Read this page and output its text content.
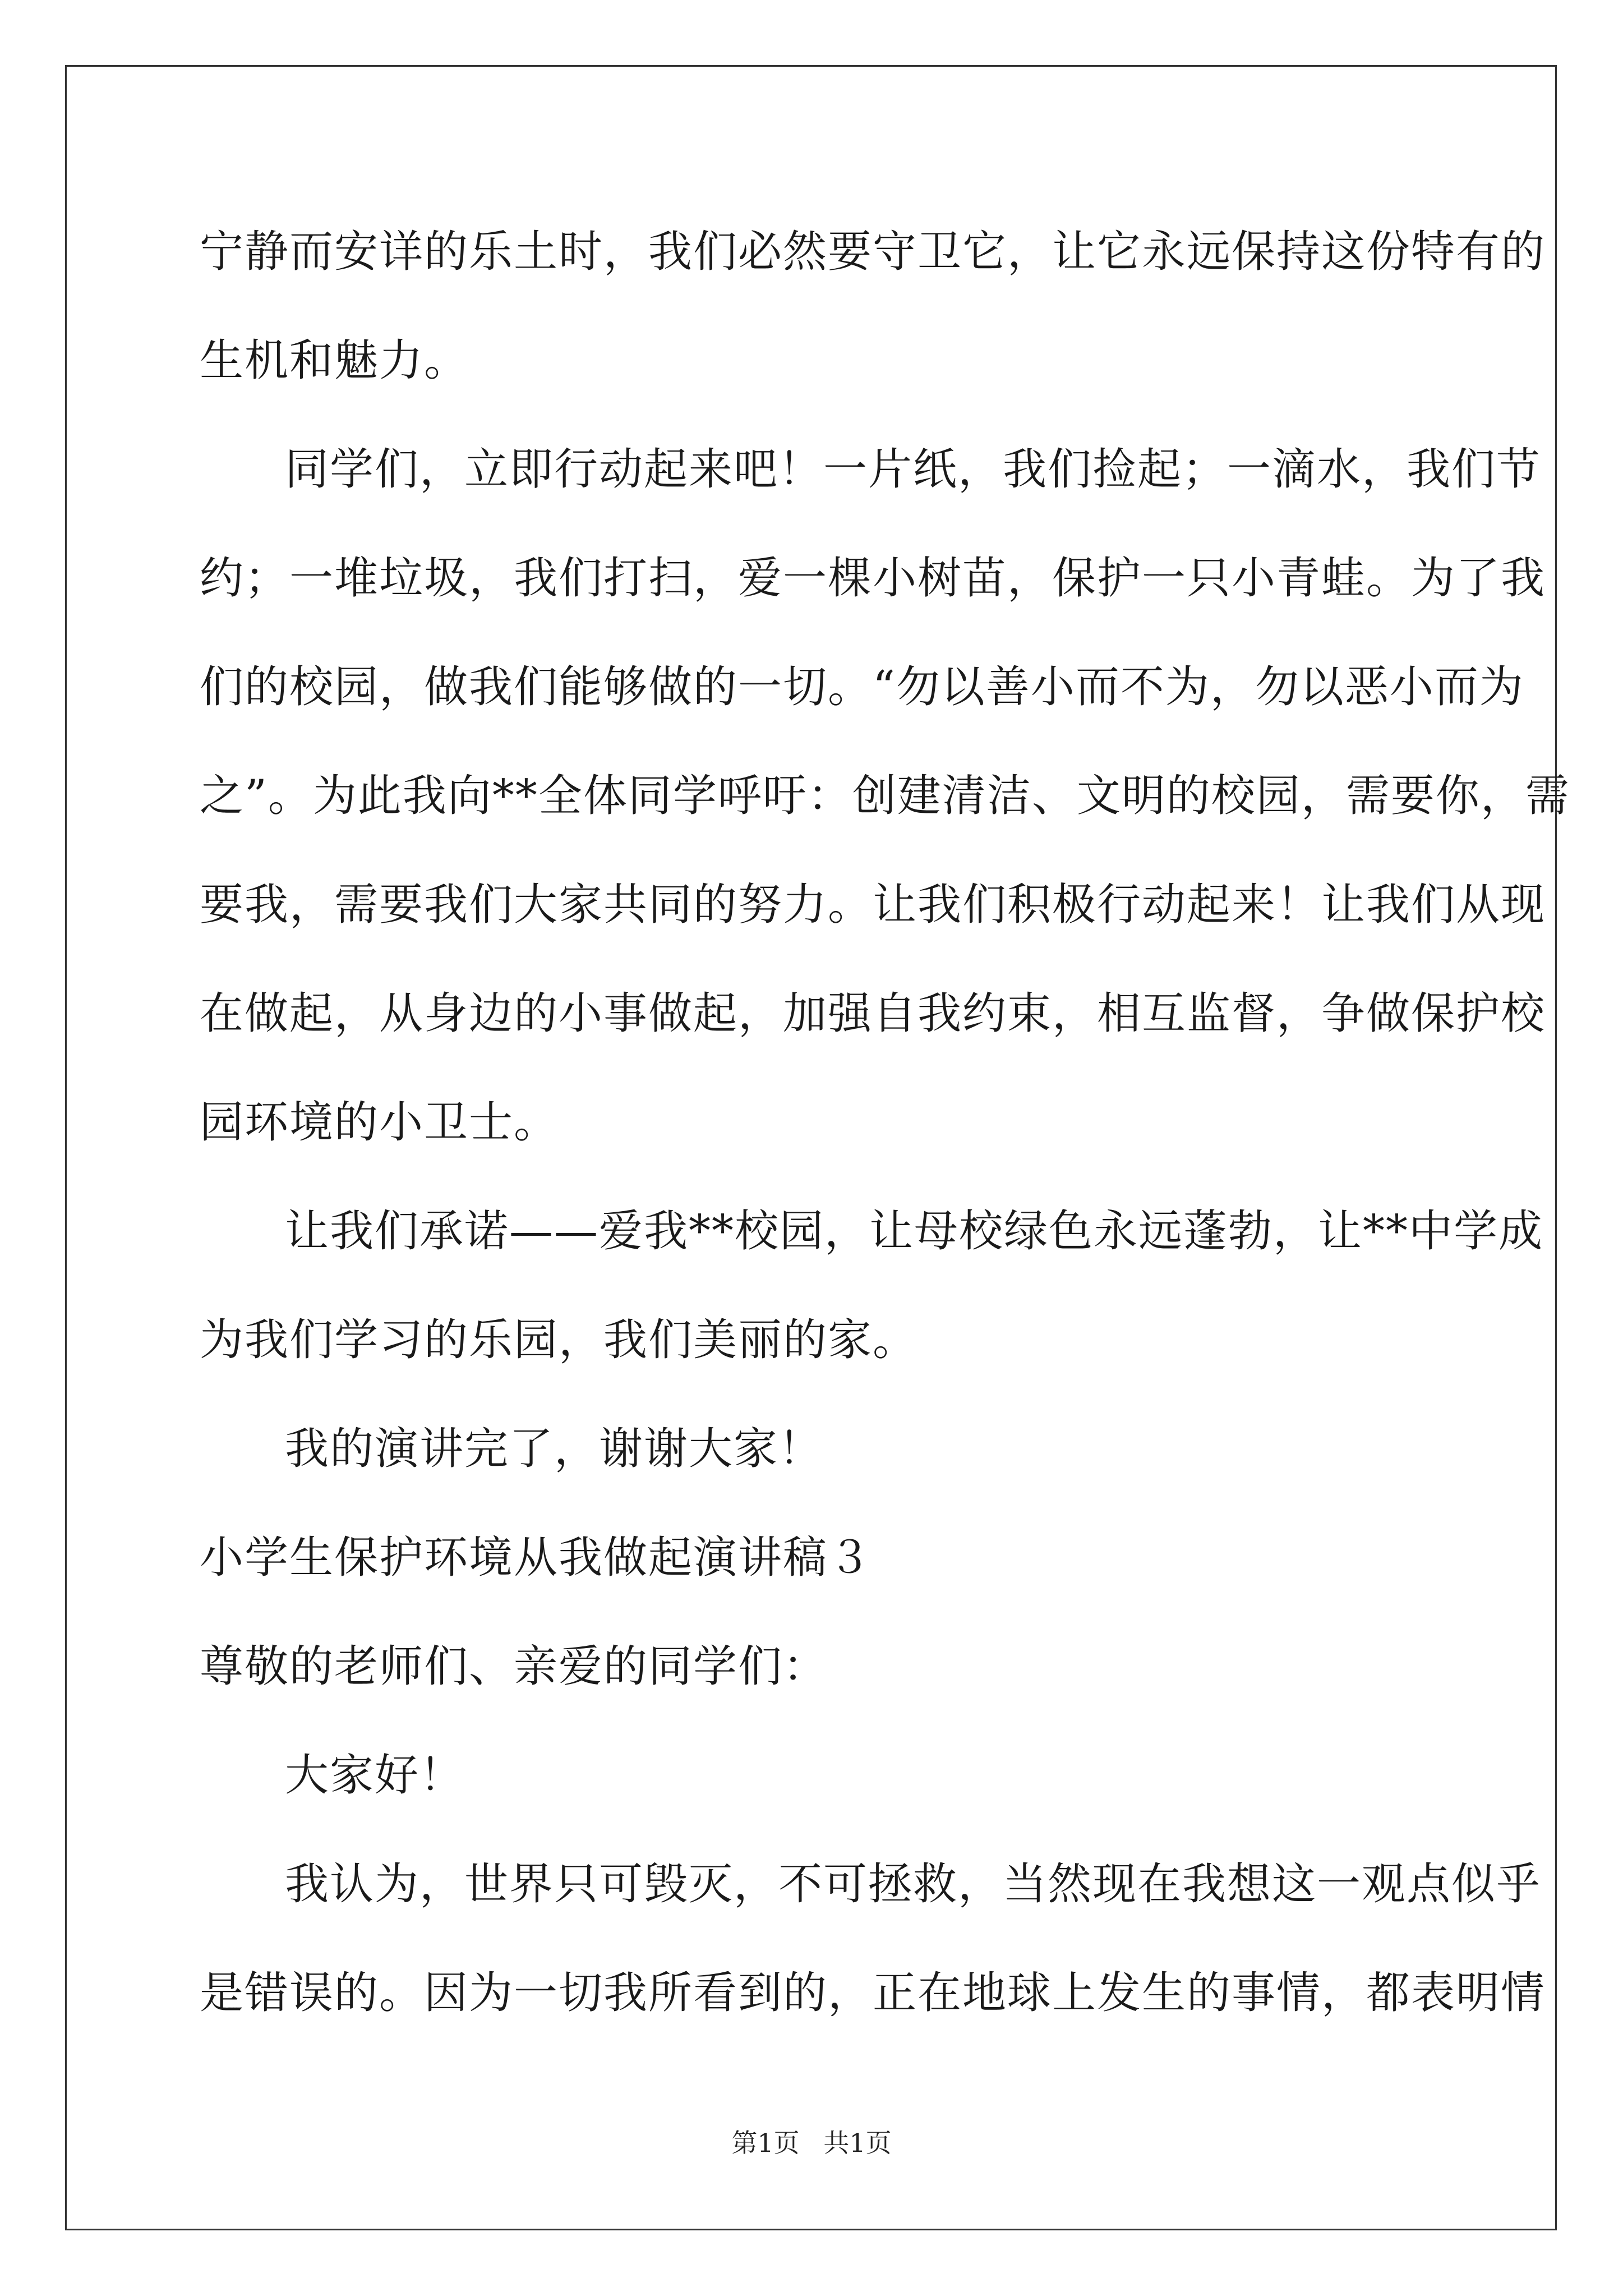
宁静而安详的乐土时，我们必然要守卫它，让它永远保持这份特有的
生机和魅力。
同学们，立即行动起来吧！一片纸，我们捡起；一滴水，我们节
约；一堆垃圾，我们打扫，爱一棵小树苗，保护一只小青蛙。为了我
们的校园，做我们能够做的一切。“勿以善小而不为，勿以恶小而为
之”。为此我向**全体同学呼吁：创建清洁、文明的校园，需要你，需
要我，需要我们大家共同的努力。让我们积极行动起来！让我们从现
在做起，从身边的小事做起，加强自我约束，相互监督，争做保护校
园环境的小卫士。
让我们承诺——爱我**校园，让母校绿色永远蓬勃，让**中学成
为我们学习的乐园，我们美丽的家。
我的演讲完了，谢谢大家！
小学生保护环境从我做起演讲稿３
尊敬的老师们、亲爱的同学们：
大家好！
我认为，世界只可毁灭，不可拯救，当然现在我想这一观点似乎
是错误的。因为一切我所看到的，正在地球上发生的事情，都表明情
第1页 共1页
